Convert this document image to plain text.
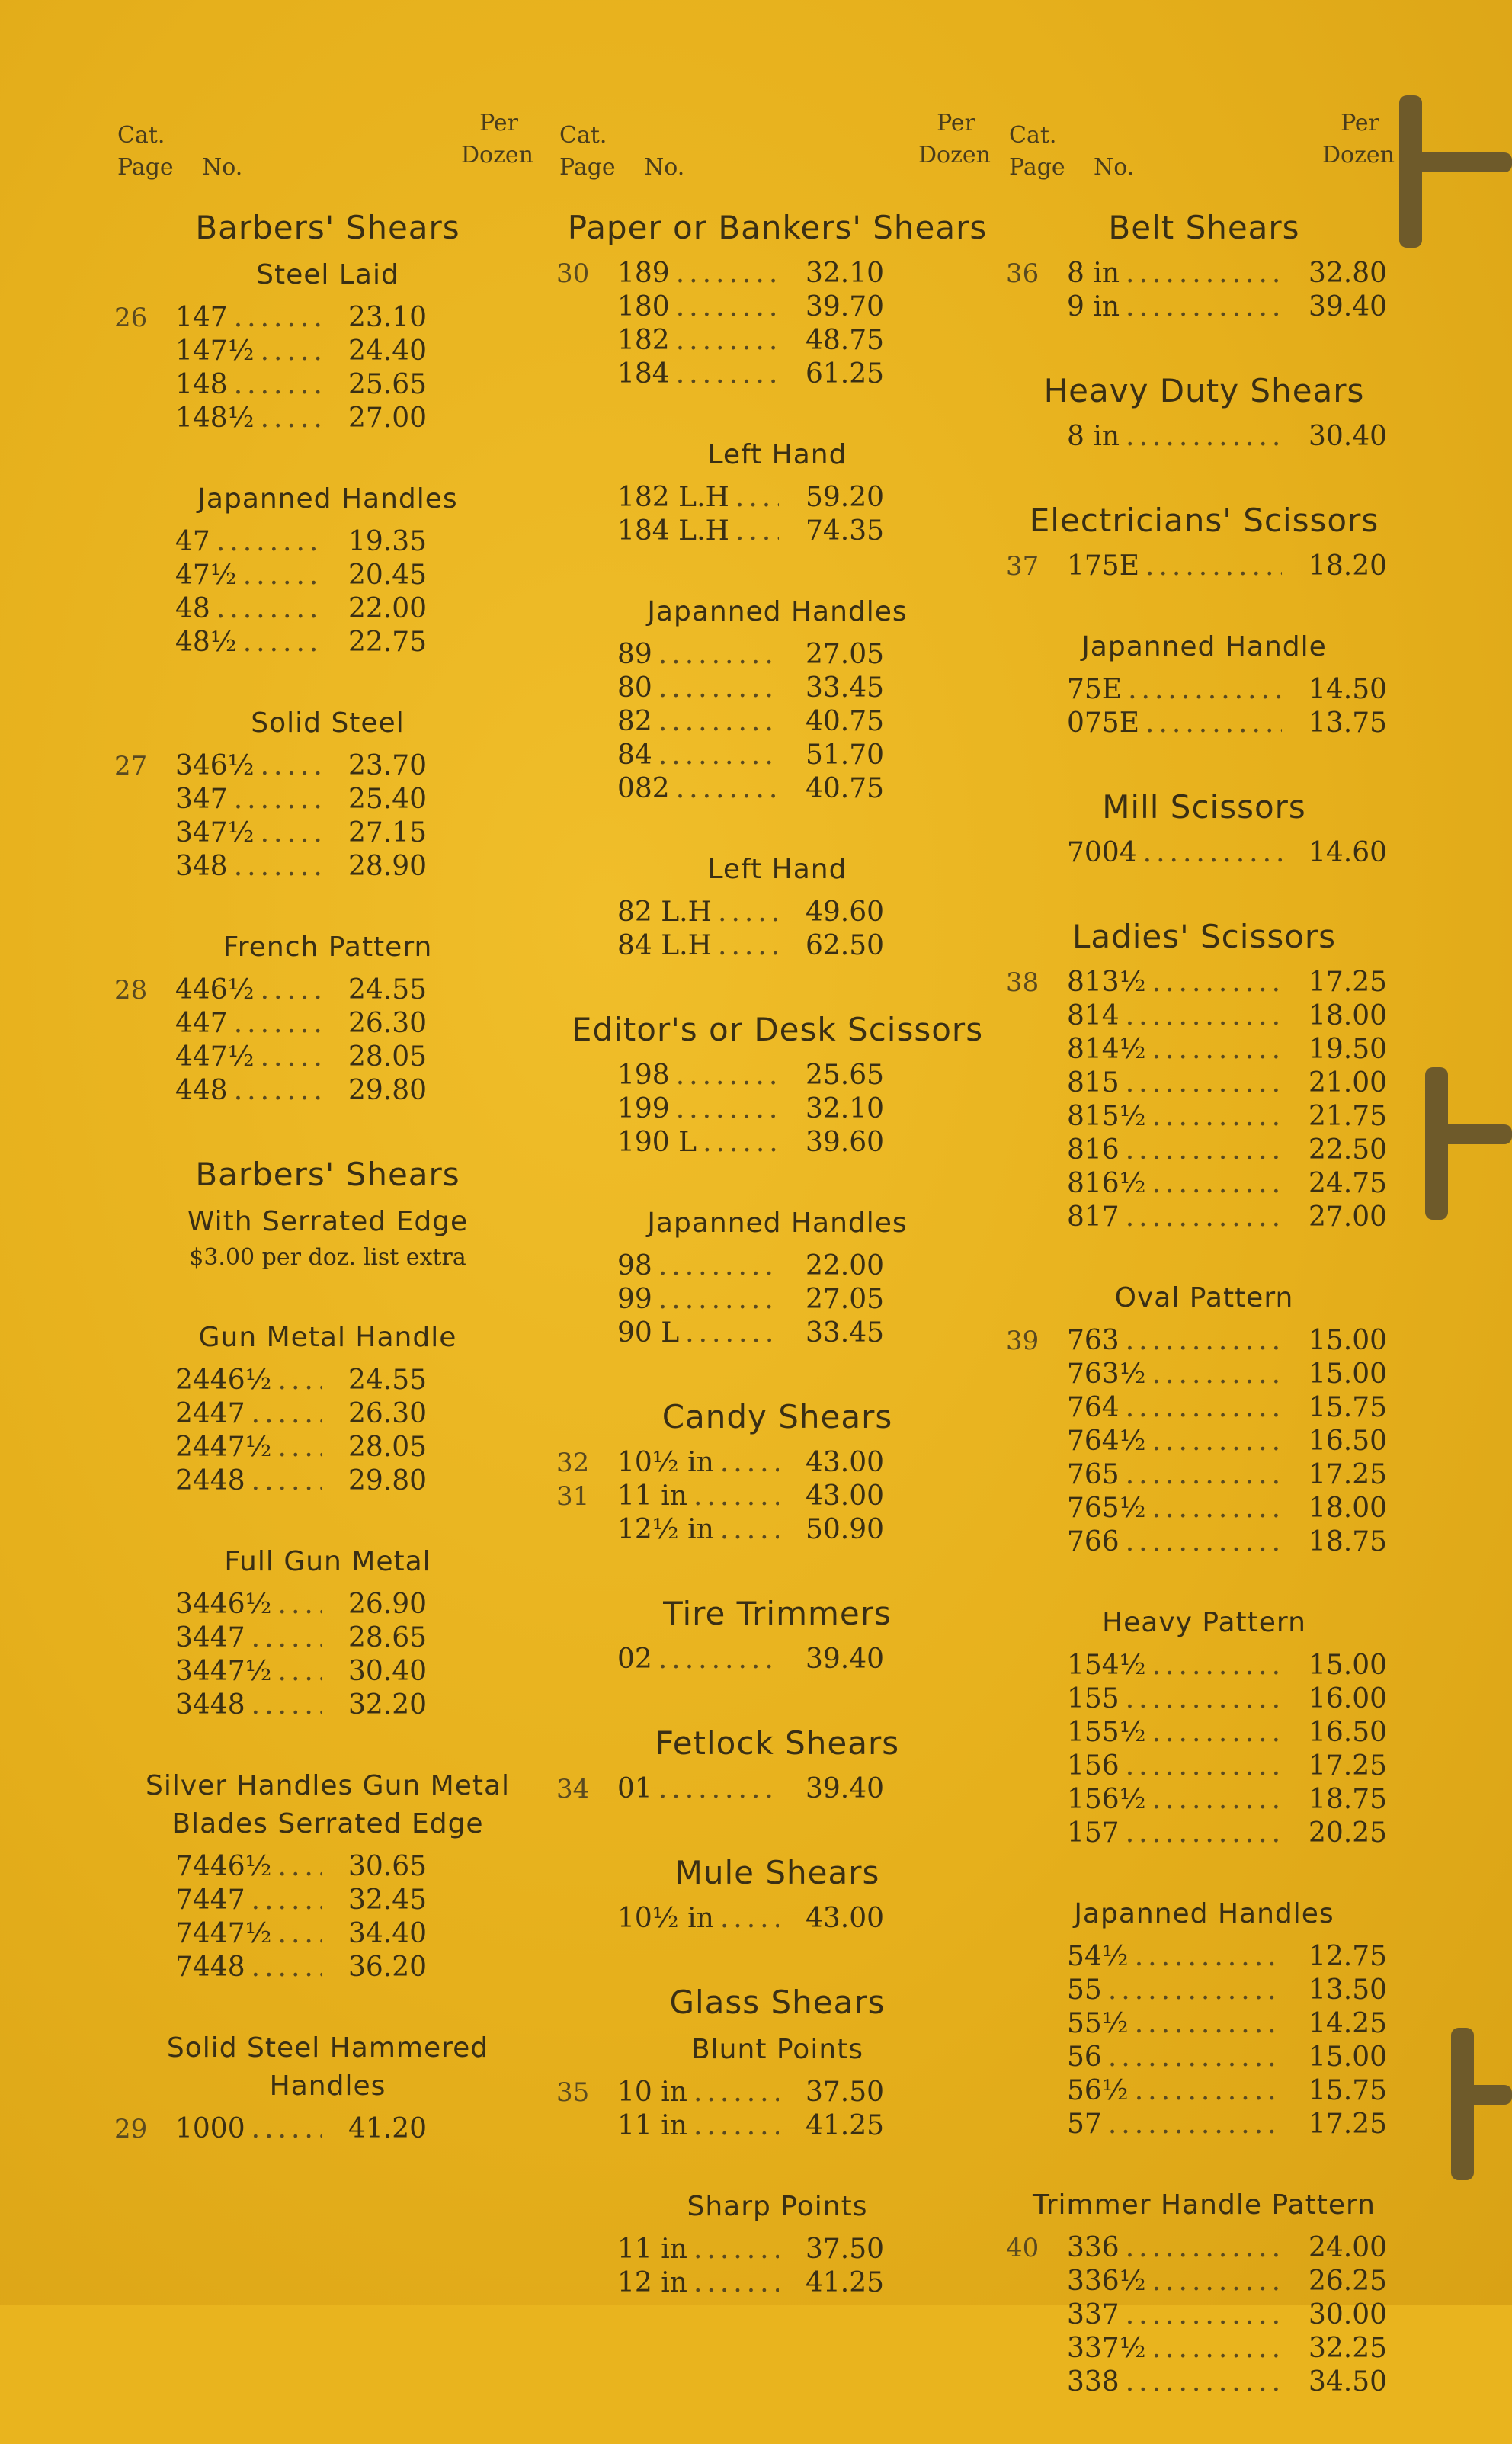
Cat.
Page No.
Per
Dozen
Barbers' Shears
Steel Laid
26	147 .....	23.10
147½ .....	24.40
148 .....	25.65
148½ .....	27.00
Japanned Handles
47 .....	19.35
47½ .....	20.45
48 .....	22.00
48½ .....	22.75
Solid Steel
27	346½ .....	23.70
347 .....	25.40
347½ .....	27.15
348 .....	28.90
French Pattern
28	446½ .....	24.55
447 .....	26.30
447½ .....	28.05
448 .....	29.80
Barbers' Shears
With Serrated Edge
$3.00 per doz. list extra
Gun Metal Handle
2446½ .....	24.55
2447 .....	26.30
2447½ .....	28.05
2448 .....	29.80
Full Gun Metal
3446½ .....	26.90
3447 .....	28.65
3447½ .....	30.40
3448 .....	32.20
Silver Handles Gun Metal Blades Serrated Edge
7446½ .....	30.65
7447 .....	32.45
7447½ .....	34.40
7448 .....	36.20
Solid Steel Hammered Handles
29	1000 .....	41.20
Cat.
Page No.
Per
Dozen
Paper or Bankers' Shears
30	189 .....	32.10
180 .....	39.70
182 .....	48.75
184 .....	61.25
Left Hand
182 L.H .....	59.20
184 L.H .....	74.35
Japanned Handles
89 .....	27.05
80 .....	33.45
82 .....	40.75
84 .....	51.70
082 .....	40.75
Left Hand
82 L.H .....	49.60
84 L.H .....	62.50
Editor's or Desk Scissors
198 .....	25.65
199 .....	32.10
190 L .....	39.60
Japanned Handles
98 .....	22.00
99 .....	27.05
90 L .....	33.45
Candy Shears
32	10½ in .....	43.00
31	11 in .....	43.00
12½ in .....	50.90
Tire Trimmers
02 .....	39.40
Fetlock Shears
34	01 .....	39.40
Mule Shears
10½ in .....	43.00
Glass Shears
Blunt Points
35	10 in .....	37.50
11 in .....	41.25
Sharp Points
11 in .....	37.50
12 in .....	41.25
Cat.
Page No.
Per
Dozen
Belt Shears
36	8 in .....	32.80
9 in .....	39.40
Heavy Duty Shears
8 in .....	30.40
Electricians' Scissors
37	175E .....	18.20
Japanned Handle
75E .....	14.50
075E .....	13.75
Mill Scissors
7004 .....	14.60
Ladies' Scissors
38	813½ .....	17.25
814 .....	18.00
814½ .....	19.50
815 .....	21.00
815½ .....	21.75
816 .....	22.50
816½ .....	24.75
817 .....	27.00
Oval Pattern
39	763 .....	15.00
763½ .....	15.00
764 .....	15.75
764½ .....	16.50
765 .....	17.25
765½ .....	18.00
766 .....	18.75
Heavy Pattern
154½ .....	15.00
155 .....	16.00
155½ .....	16.50
156 .....	17.25
156½ .....	18.75
157 .....	20.25
Japanned Handles
54½ .....	12.75
55 .....	13.50
55½ .....	14.25
56 .....	15.00
56½ .....	15.75
57 .....	17.25
Trimmer Handle Pattern
40	336 .....	24.00
336½ .....	26.25
337 .....	30.00
337½ .....	32.25
338 .....	34.50
